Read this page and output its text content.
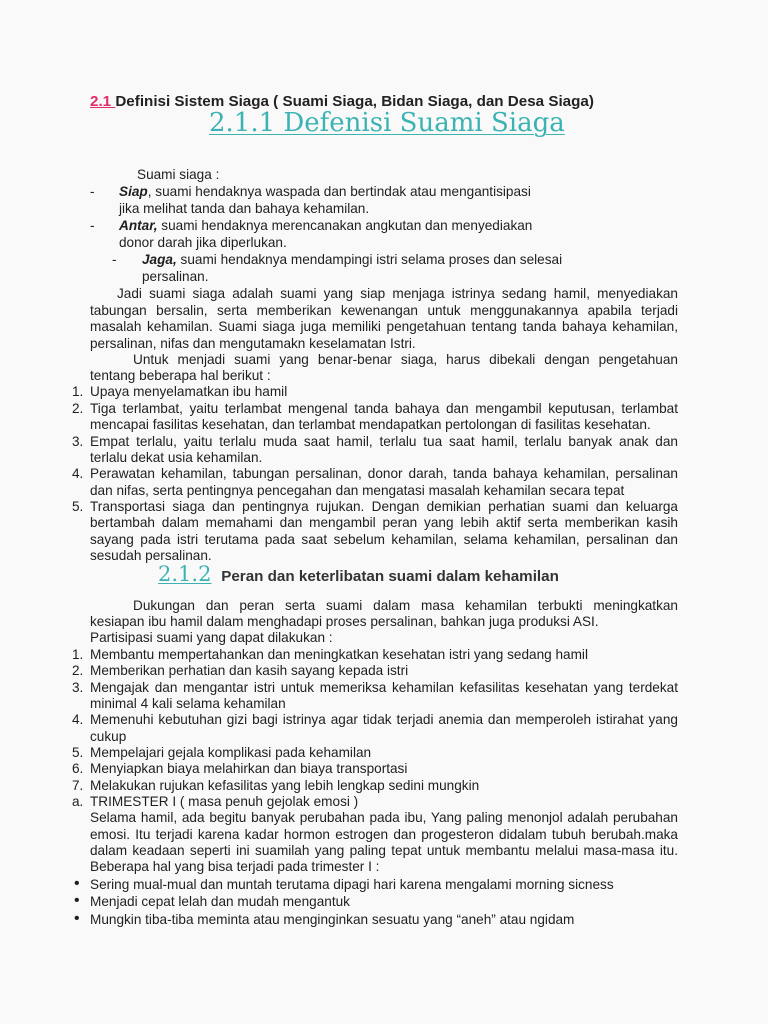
2.1 Definisi Sistem Siaga ( Suami Siaga, Bidan Siaga, dan Desa Siaga)
2.1.1 Defenisi Suami Siaga
Suami siaga :
- Siap, suami hendaknya waspada dan bertindak atau mengantisipasi
jika melihat tanda dan bahaya kehamilan.
- Antar, suami hendaknya merencanakan angkutan dan menyediakan
donor darah jika diperlukan.
- Jaga, suami hendaknya mendampingi istri selama proses dan selesai
persalinan.
Jadi suami siaga adalah suami yang siap menjaga istrinya sedang hamil, menyediakan
tabungan bersalin, serta memberikan kewenangan untuk menggunakannya apabila terjadi
masalah kehamilan. Suami siaga juga memiliki pengetahuan tentang tanda bahaya kehamilan,
persalinan, nifas dan mengutamakn keselamatan Istri.
Untuk menjadi suami yang benar-benar siaga, harus dibekali dengan pengetahuan
tentang beberapa hal berikut :
1. Upaya menyelamatkan ibu hamil
2. Tiga terlambat, yaitu terlambat mengenal tanda bahaya dan mengambil keputusan, terlambat
mencapai fasilitas kesehatan, dan terlambat mendapatkan pertolongan di fasilitas kesehatan.
3. Empat terlalu, yaitu terlalu muda saat hamil, terlalu tua saat hamil, terlalu banyak anak dan
terlalu dekat usia kehamilan.
4. Perawatan kehamilan, tabungan persalinan, donor darah, tanda bahaya kehamilan, persalinan
dan nifas, serta pentingnya pencegahan dan mengatasi masalah kehamilan secara tepat
5. Transportasi siaga dan pentingnya rujukan. Dengan demikian perhatian suami dan keluarga
bertambah dalam memahami dan mengambil peran yang lebih aktif serta memberikan kasih
sayang pada istri terutama pada saat sebelum kehamilan, selama kehamilan, persalinan dan
sesudah persalinan.
2.1.2 Peran dan keterlibatan suami dalam kehamilan
Dukungan dan peran serta suami dalam masa kehamilan terbukti meningkatkan
kesiapan ibu hamil dalam menghadapi proses persalinan, bahkan juga produksi ASI.
Partisipasi suami yang dapat dilakukan :
1. Membantu mempertahankan dan meningkatkan kesehatan istri yang sedang hamil
2. Memberikan perhatian dan kasih sayang kepada istri
3. Mengajak dan mengantar istri untuk memeriksa kehamilan kefasilitas kesehatan yang terdekat
minimal 4 kali selama kehamilan
4. Memenuhi kebutuhan gizi bagi istrinya agar tidak terjadi anemia dan memperoleh istirahat yang
cukup
5. Mempelajari gejala komplikasi pada kehamilan
6. Menyiapkan biaya melahirkan dan biaya transportasi
7. Melakukan rujukan kefasilitas yang lebih lengkap sedini mungkin
a. TRIMESTER I ( masa penuh gejolak emosi )
Selama hamil, ada begitu banyak perubahan pada ibu, Yang paling menonjol adalah perubahan
emosi. Itu terjadi karena kadar hormon estrogen dan progesteron didalam tubuh berubah.maka
dalam keadaan seperti ini suamilah yang paling tepat untuk membantu melalui masa-masa itu.
Beberapa hal yang bisa terjadi pada trimester I :
• Sering mual-mual dan muntah terutama dipagi hari karena mengalami morning sicness
• Menjadi cepat lelah dan mudah mengantuk
• Mungkin tiba-tiba meminta atau menginginkan sesuatu yang “aneh” atau ngidam
